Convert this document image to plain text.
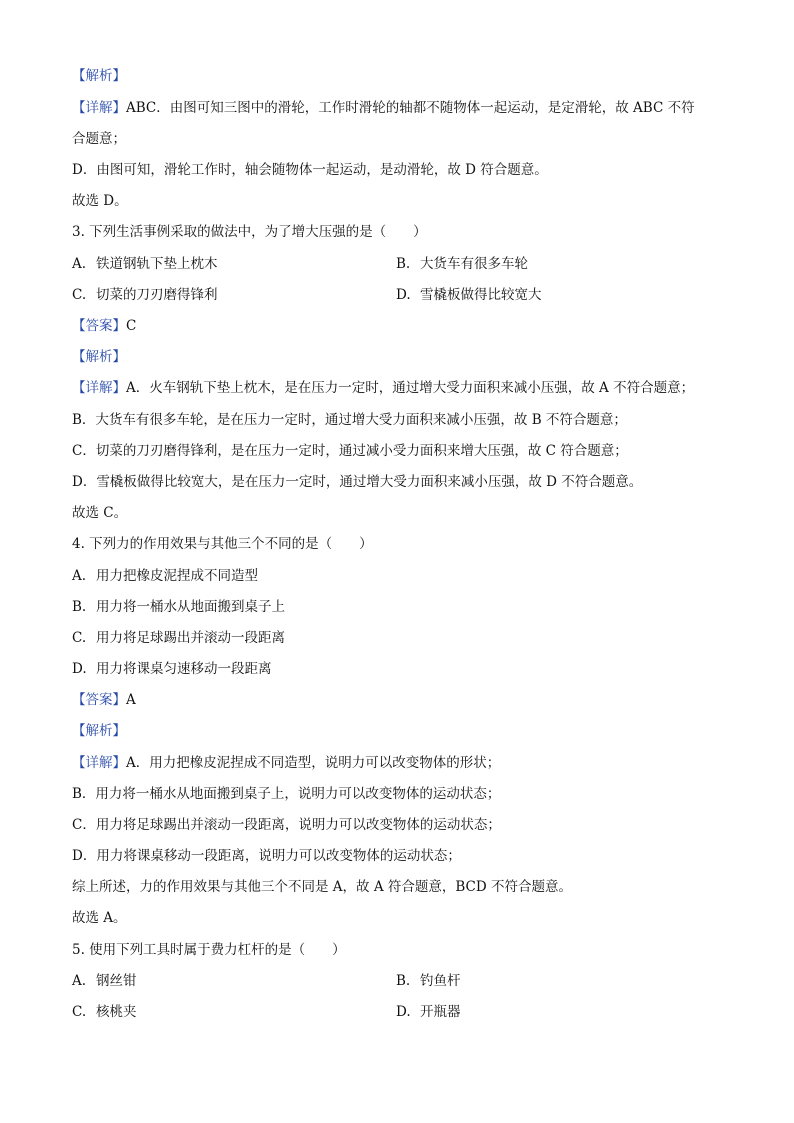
【解析】
【详解】ABC．由图可知三图中的滑轮，工作时滑轮的轴都不随物体一起运动，是定滑轮，故 ABC 不符
合题意；
D．由图可知，滑轮工作时，轴会随物体一起运动，是动滑轮，故 D 符合题意。
故选 D。
3. 下列生活事例采取的做法中，为了增大压强的是（　　）
A. 铁道钢轨下垫上枕木	B. 大货车有很多车轮
C. 切菜的刀刃磨得锋利	D. 雪橇板做得比较宽大
【答案】C
【解析】
【详解】A．火车钢轨下垫上枕木，是在压力一定时，通过增大受力面积来减小压强，故 A 不符合题意；
B．大货车有很多车轮，是在压力一定时，通过增大受力面积来减小压强，故 B 不符合题意；
C．切菜的刀刃磨得锋利，是在压力一定时，通过减小受力面积来增大压强，故 C 符合题意；
D．雪橇板做得比较宽大，是在压力一定时，通过增大受力面积来减小压强，故 D 不符合题意。
故选 C。
4. 下列力的作用效果与其他三个不同的是（　　）
A. 用力把橡皮泥捏成不同造型
B. 用力将一桶水从地面搬到桌子上
C. 用力将足球踢出并滚动一段距离
D. 用力将课桌匀速移动一段距离
【答案】A
【解析】
【详解】A．用力把橡皮泥捏成不同造型，说明力可以改变物体的形状；
B．用力将一桶水从地面搬到桌子上，说明力可以改变物体的运动状态；
C．用力将足球踢出并滚动一段距离，说明力可以改变物体的运动状态；
D．用力将课桌移动一段距离，说明力可以改变物体的运动状态；
综上所述，力的作用效果与其他三个不同是 A，故 A 符合题意，BCD 不符合题意。
故选 A。
5. 使用下列工具时属于费力杠杆的是（　　）
A. 钢丝钳	B. 钓鱼杆
C. 核桃夹	D. 开瓶器
